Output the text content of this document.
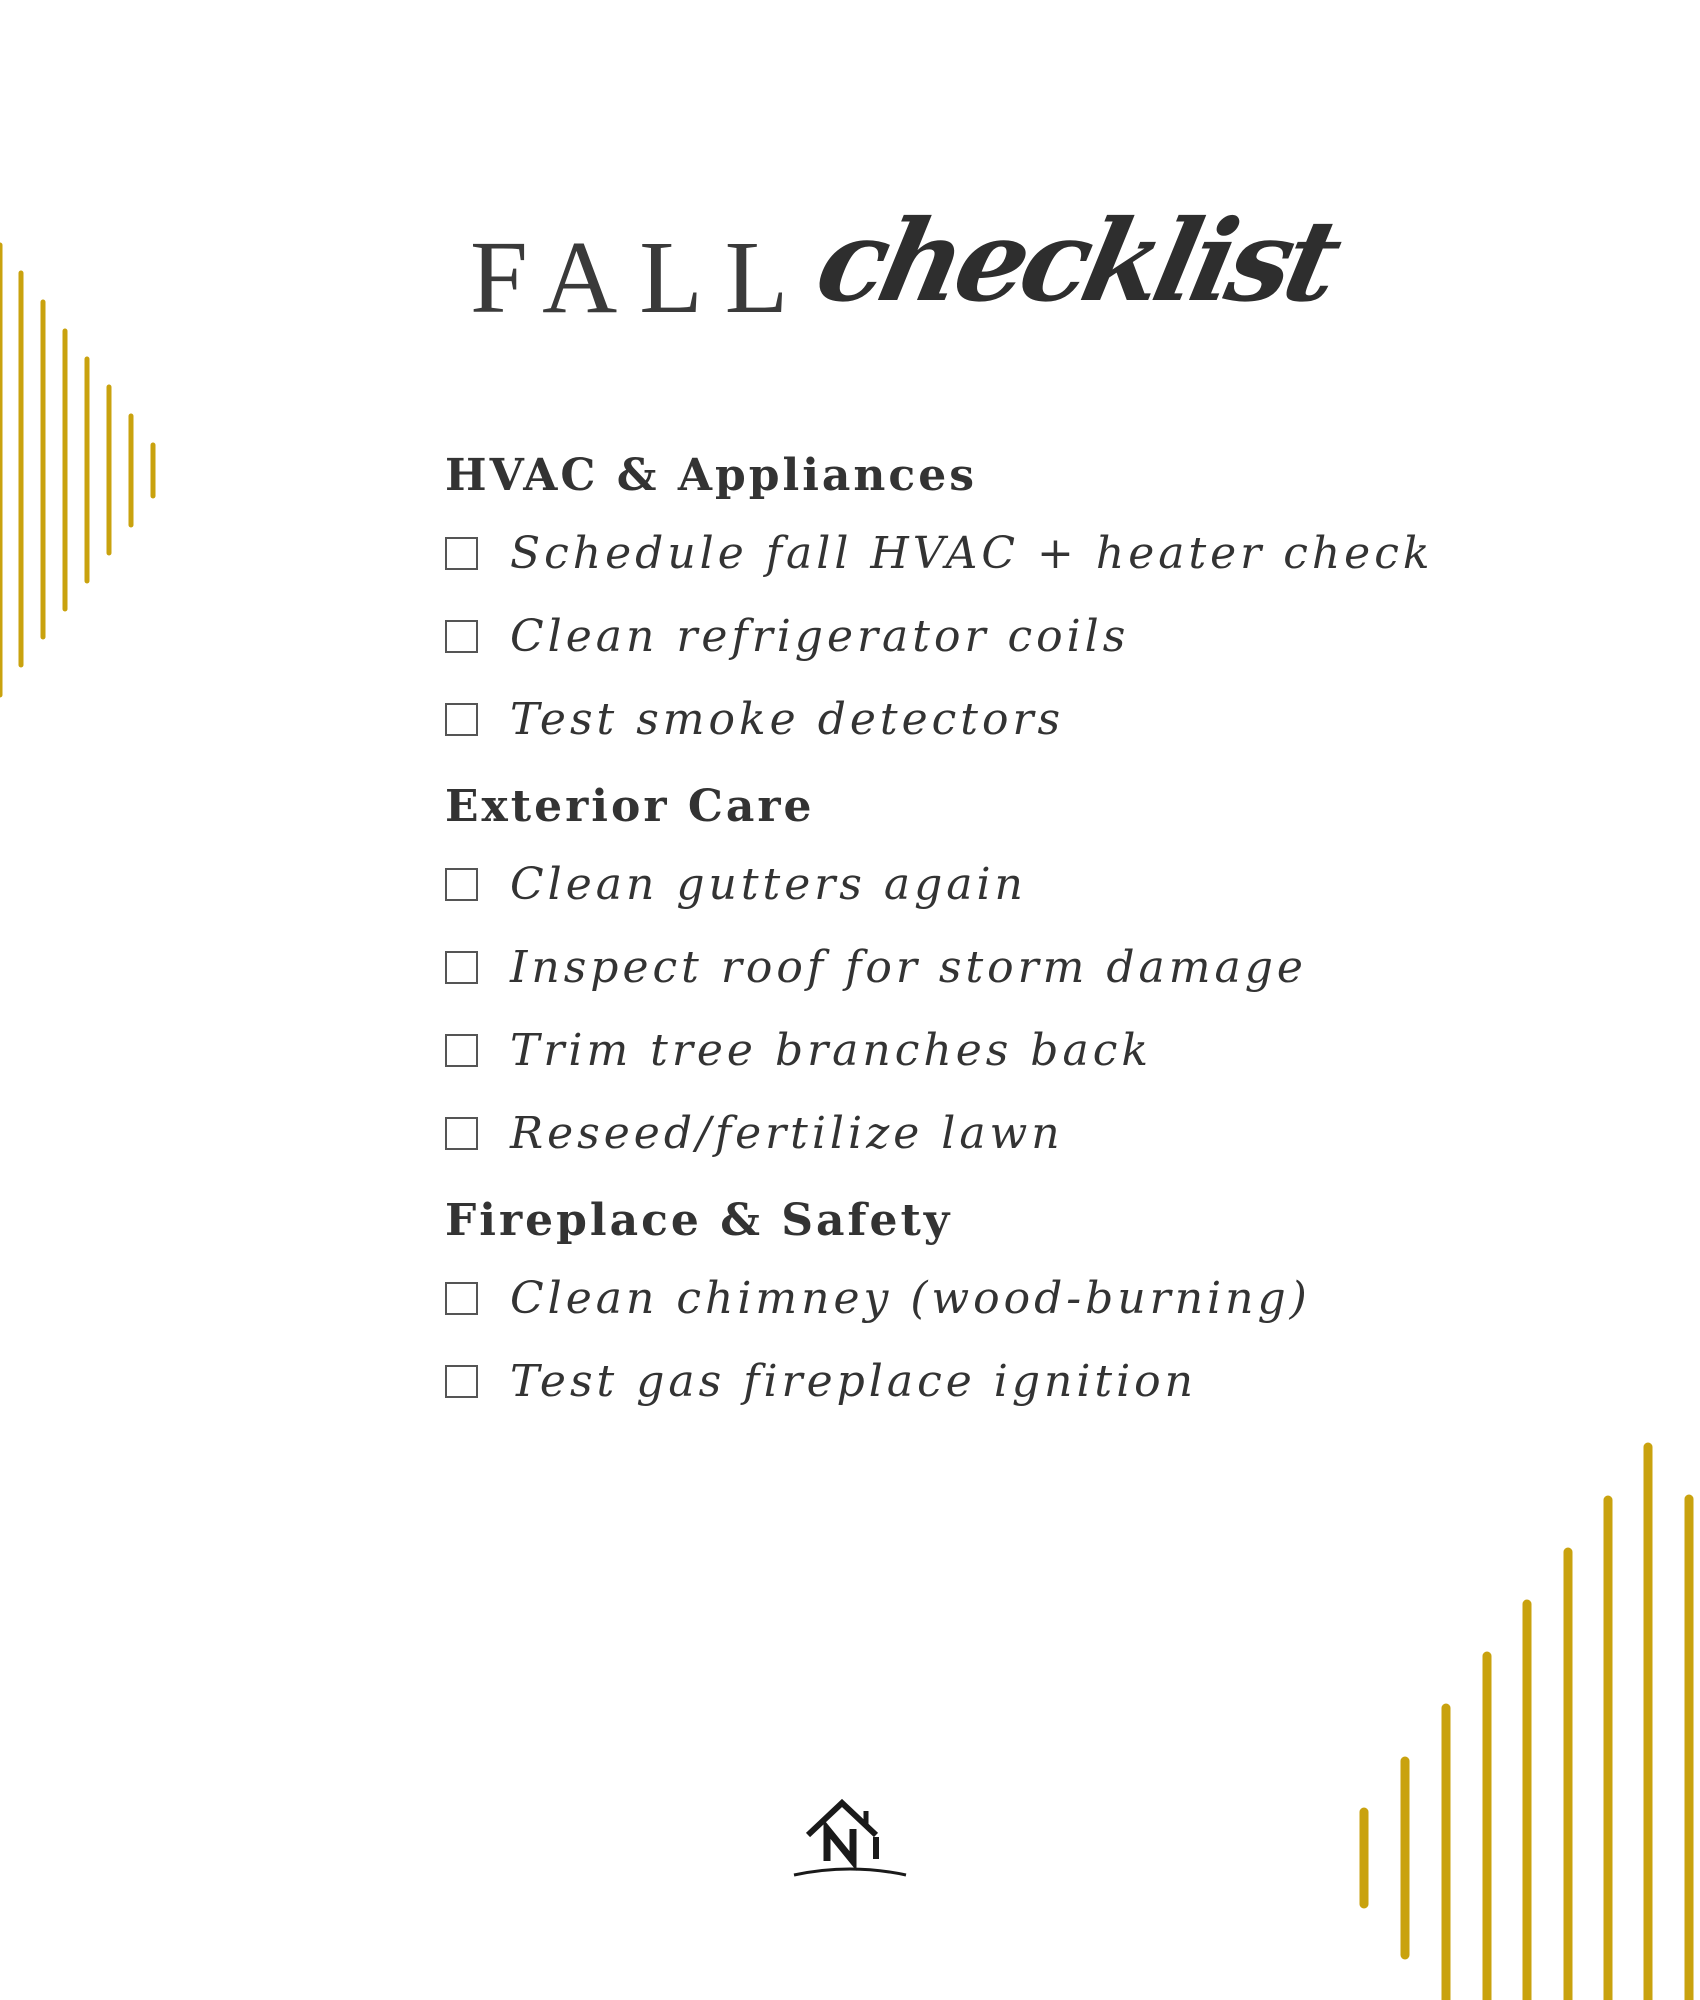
FALL
checklist
HVAC & Appliances
Schedule fall HVAC + heater check
Clean refrigerator coils
Test smoke detectors
Exterior Care
Clean gutters again
Inspect roof for storm damage
Trim tree branches back
Reseed/fertilize lawn
Fireplace & Safety
Clean chimney (wood-burning)
Test gas fireplace ignition
